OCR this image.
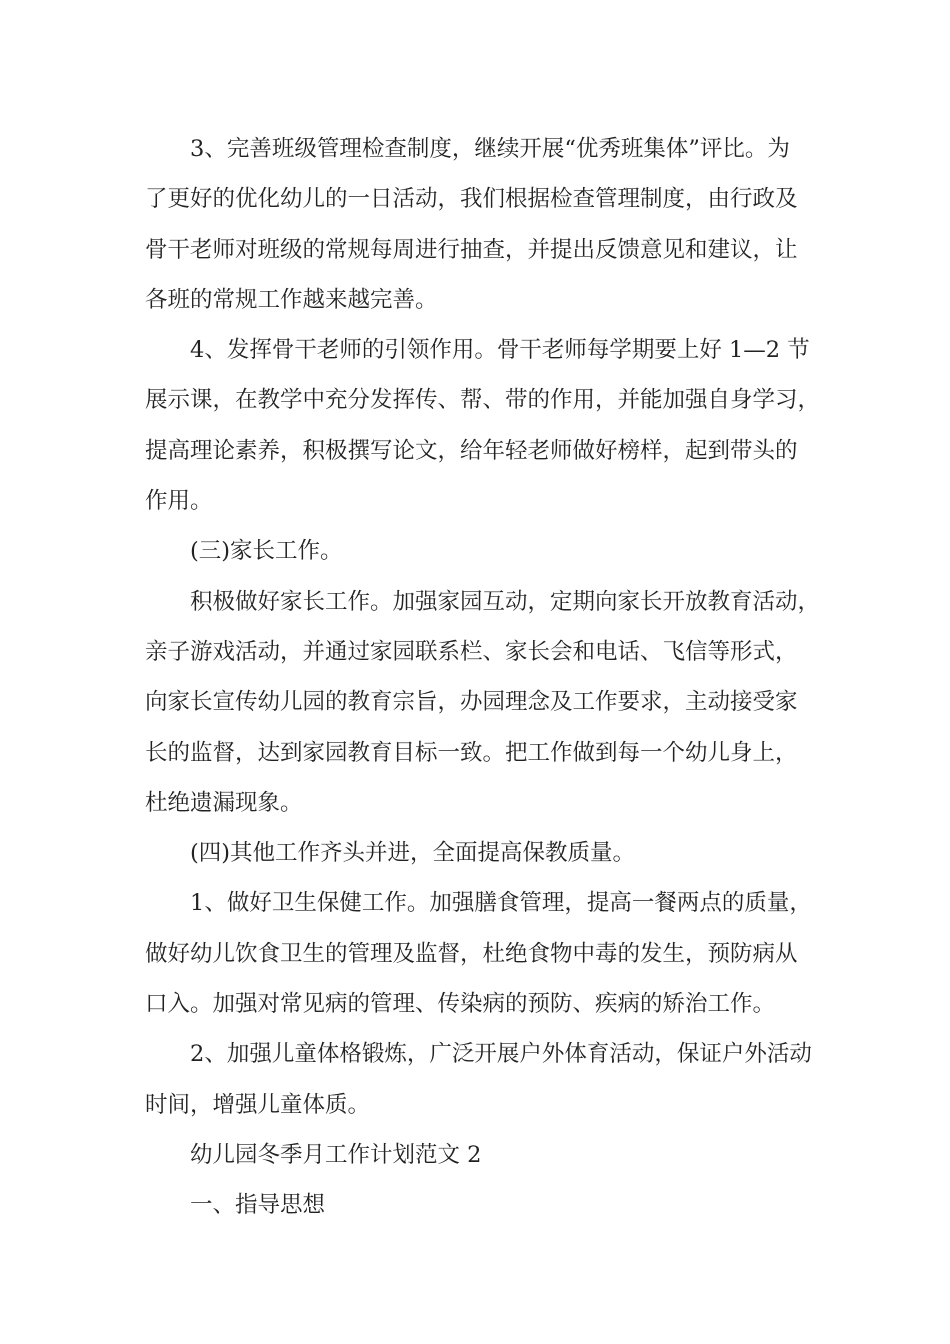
3、完善班级管理检查制度，继续开展“优秀班集体”评比。为
了更好的优化幼儿的一日活动，我们根据检查管理制度，由行政及
骨干老师对班级的常规每周进行抽查，并提出反馈意见和建议，让
各班的常规工作越来越完善。
4、发挥骨干老师的引领作用。骨干老师每学期要上好 1—2 节
展示课，在教学中充分发挥传、帮、带的作用，并能加强自身学习，
提高理论素养，积极撰写论文，给年轻老师做好榜样，起到带头的
作用。
(三)家长工作。
积极做好家长工作。加强家园互动，定期向家长开放教育活动，
亲子游戏活动，并通过家园联系栏、家长会和电话、飞信等形式，
向家长宣传幼儿园的教育宗旨，办园理念及工作要求，主动接受家
长的监督，达到家园教育目标一致。把工作做到每一个幼儿身上，
杜绝遗漏现象。
(四)其他工作齐头并进，全面提高保教质量。
1、做好卫生保健工作。加强膳食管理，提高一餐两点的质量，
做好幼儿饮食卫生的管理及监督，杜绝食物中毒的发生，预防病从
口入。加强对常见病的管理、传染病的预防、疾病的矫治工作。
2、加强儿童体格锻炼，广泛开展户外体育活动，保证户外活动
时间，增强儿童体质。
幼儿园冬季月工作计划范文 2
一、指导思想
